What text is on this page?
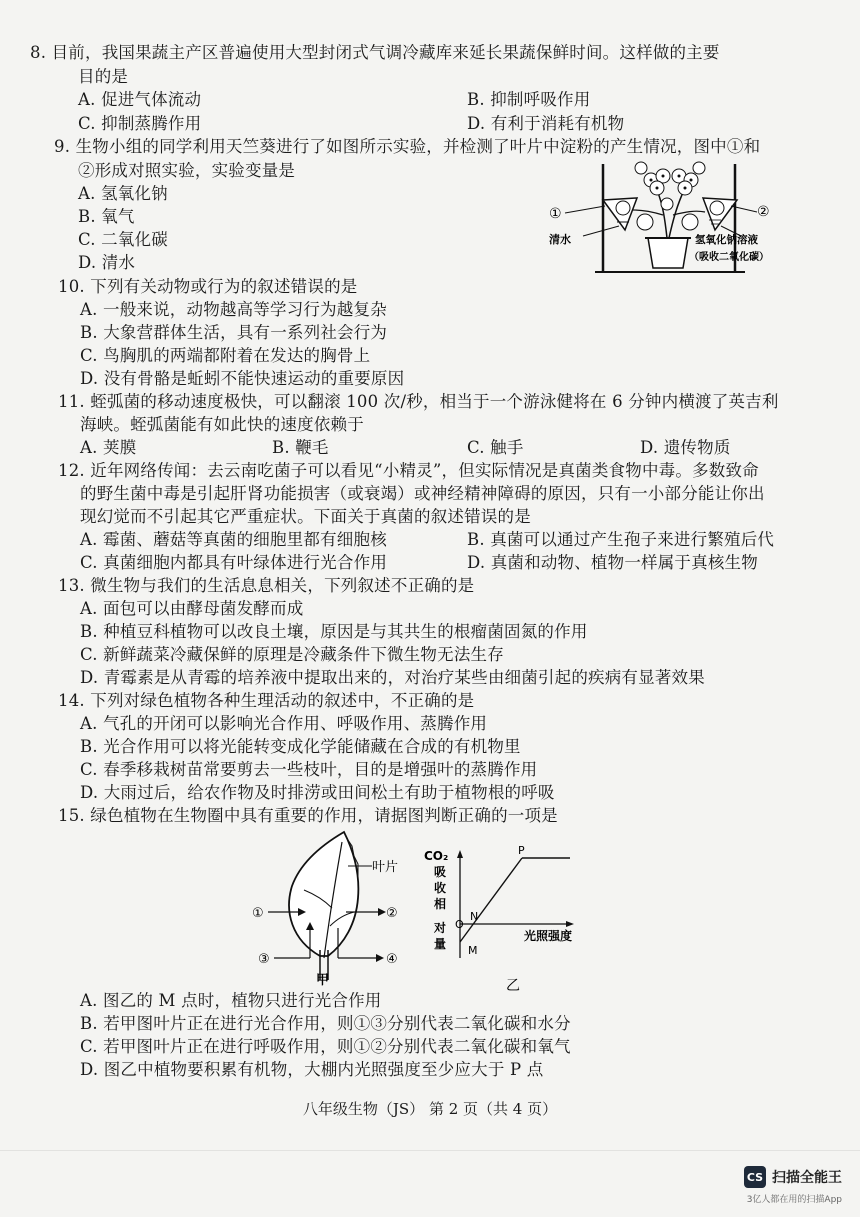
8. 目前，我国果蔬主产区普遍使用大型封闭式气调冷藏库来延长果蔬保鲜时间。这样做的主要
目的是
A. 促进气体流动	B. 抑制呼吸作用
C. 抑制蒸腾作用	D. 有利于消耗有机物
9. 生物小组的同学利用天竺葵进行了如图所示实验，并检测了叶片中淀粉的产生情况，图中①和
②形成对照实验，实验变量是
A. 氢氧化钠
B. 氧气
C. 二氧化碳
D. 清水
①	②
清水	氢氧化钠溶液
（吸收二氧化碳）
10. 下列有关动物或行为的叙述错误的是
A. 一般来说，动物越高等学习行为越复杂
B. 大象营群体生活，具有一系列社会行为
C. 鸟胸肌的两端都附着在发达的胸骨上
D. 没有骨骼是蚯蚓不能快速运动的重要原因
11. 蛭弧菌的移动速度极快，可以翻滚 100 次/秒，相当于一个游泳健将在 6 分钟内横渡了英吉利
海峡。蛭弧菌能有如此快的速度依赖于
A. 荚膜	B. 鞭毛	C. 触手	D. 遗传物质
12. 近年网络传闻：去云南吃菌子可以看见“小精灵”，但实际情况是真菌类食物中毒。多数致命
的野生菌中毒是引起肝肾功能损害（或衰竭）或神经精神障碍的原因，只有一小部分能让你出
现幻觉而不引起其它严重症状。下面关于真菌的叙述错误的是
A. 霉菌、蘑菇等真菌的细胞里都有细胞核	B. 真菌可以通过产生孢子来进行繁殖后代
C. 真菌细胞内都具有叶绿体进行光合作用	D. 真菌和动物、植物一样属于真核生物
13. 微生物与我们的生活息息相关，下列叙述不正确的是
A. 面包可以由酵母菌发酵而成
B. 种植豆科植物可以改良土壤，原因是与其共生的根瘤菌固氮的作用
C. 新鲜蔬菜冷藏保鲜的原理是冷藏条件下微生物无法生存
D. 青霉素是从青霉的培养液中提取出来的，对治疗某些由细菌引起的疾病有显著效果
14. 下列对绿色植物各种生理活动的叙述中，不正确的是
A. 气孔的开闭可以影响光合作用、呼吸作用、蒸腾作用
B. 光合作用可以将光能转变成化学能储藏在合成的有机物里
C. 春季移栽树苗常要剪去一些枝叶，目的是增强叶的蒸腾作用
D. 大雨过后，给农作物及时排涝或田间松土有助于植物根的呼吸
15. 绿色植物在生物圈中具有重要的作用，请据图判断正确的一项是
叶片
①	②
③	④
甲
CO₂
吸
收
相
对
量
O
P
N
M
光照强度
乙
A. 图乙的 M 点时，植物只进行光合作用
B. 若甲图叶片正在进行光合作用，则①③分别代表二氧化碳和水分
C. 若甲图叶片正在进行呼吸作用，则①②分别代表二氧化碳和氧气
D. 图乙中植物要积累有机物，大棚内光照强度至少应大于 P 点
八年级生物（JS） 第 2 页（共 4 页）
CS 扫描全能王
3亿人都在用的扫描App
